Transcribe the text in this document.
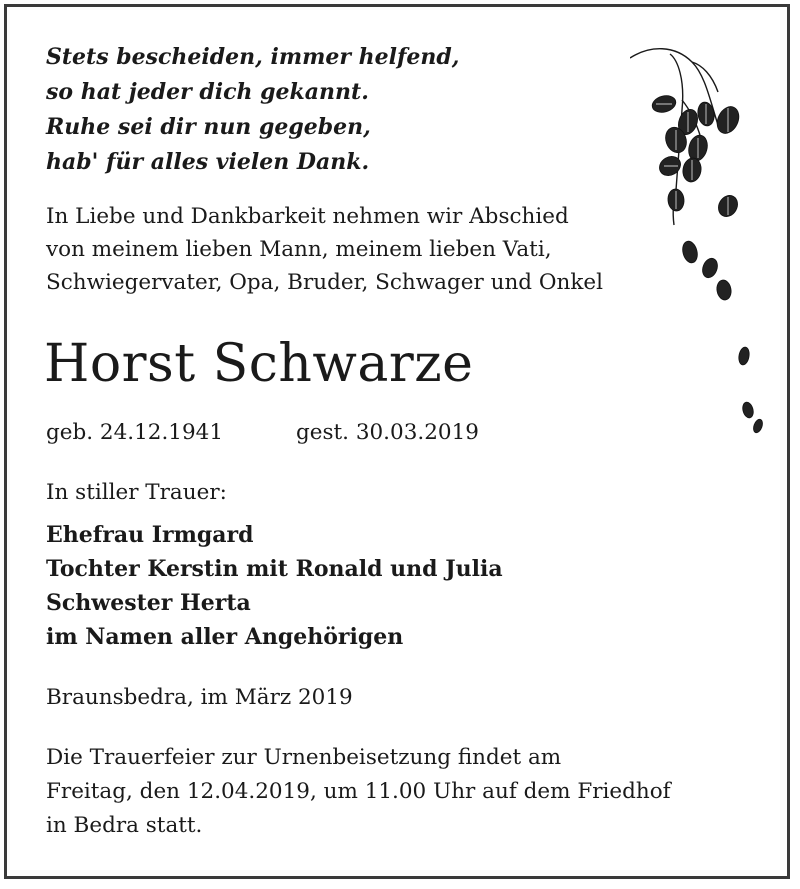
Stets bescheiden, immer helfend,
so hat jeder dich gekannt.
Ruhe sei dir nun gegeben,
hab' für alles vielen Dank.
In Liebe und Dankbarkeit nehmen wir Abschied
von meinem lieben Mann, meinem lieben Vati,
Schwiegervater, Opa, Bruder, Schwager und Onkel
Horst Schwarze
geb. 24.12.1941	gest. 30.03.2019
In stiller Trauer:
Ehefrau Irmgard
Tochter Kerstin mit Ronald und Julia
Schwester Herta
im Namen aller Angehörigen
Braunsbedra, im März 2019
Die Trauerfeier zur Urnenbeisetzung findet am
Freitag, den 12.04.2019, um 11.00 Uhr auf dem Friedhof
in Bedra statt.
